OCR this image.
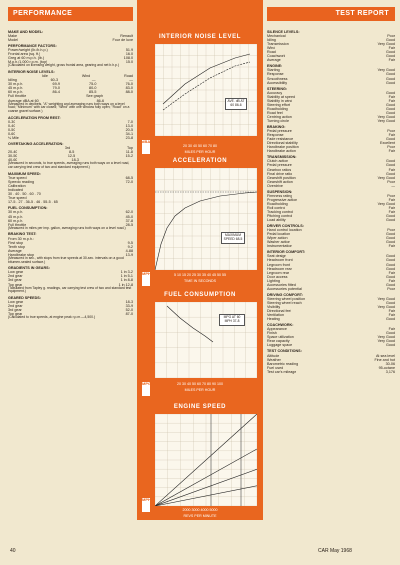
PERFORMANCE	TEST REPORT
MAKE AND MODEL:
Make	Renault
Model	Four de luxe
PERFORMANCE FACTORS:
Power/weight (lb./b.h.p.)	51.9
Frontal area (sq. ft.)	16.0
Greg at 60 m.p.h. (lb.)	108.0
M.p.h./1,000 r.p.m. (top)	15.0
(Calculated on licensing weight, gross frontal area, gearing and net b.h.p.)
INTERIOR NOISE LEVELS:
Idle	Wind	Road
Idling	60-3	—	—
30 m.p.h.	69-9	75-0	76-0
45 m.p.h.	79-0	80-0	83-0
60 m.p.h.	86-4	85-5	88-0
Full throttle	See graph
Average dBA at 60	86-6
(Measured in decibels, "A" weighting and averaging runs both ways on a level road; "Minimum" with car closed; "Wind" with one window fully open; "Road" on a coarse gravel surface.)
ACCELERATION FROM REST:
0-30	7-0
0-40	13-0
0-50	20-5
0-60	34-1
¼ Mile	23-8
OVERTAKING ACCELERATION:
3rd	Top
20-40	8-5	11-8
30-50	12-5	15-2
40-60	18-3
(Measured in seconds, to true speeds, averaging runs both ways on a level road, car carrying test crew of two and standard equipment.)
MAXIMUM SPEED:
True speed	68-5
Speedo reading	72-0
Calibration
Indicated
30 . 40 . 50 . 60 . 70
True speed
17-5 . 27 . 36-5 . 46 . 55-5 . 65
FUEL CONSUMPTION:
30 m.p.h.	62-0
45 m.p.h.	45-0
60 m.p.h.	37-8
Full throttle	28-5
(Measured in miles per imp. gallon, averaging runs both ways on a level road.)
BRAKING TEST:
From 30 m.p.h.:
First stop	9-5
Tenth stop	9-2
Average	4-88
Handbrake stop	13-9
(Measured in sec., with stops from true speeds at 30-sec. intervals on a good bitumen-sealed surface.)
GRADIENTS IN GEARS:
Low gear	1 in 3-2
2nd gear	1 in 5-1
3rd gear	1 in 8-8
Top gear	1 in 12-8
(Tabulated from Tapley g. readings, car carrying test crew of two and standard test equipment.)
GEARED SPEEDS:
Low gear	18-3
2nd gear	33-9
3rd gear	52-0
Top gear	87-0
(Calculated to true speeds, at engine peak r.p.m.—4,500.)
SILENCE LEVELS:
Mechanical	Poor
Idling	Good
Transmission	Very Good
Wind	Fair
Road	Good
Coachwork	Good
Average	Fair
ENGINE:
Starting	Very Good
Response	Good
Smoothness	Good
Accessibility	Good
STEERING:
Accuracy	Good
Stability at speed	Fair
Stability in wind	Fair
Steering effort	Good
Roadholding	Good
Road feel	Good
Centring action	Very Good
Turning circle	Very Good
BRAKING:
Pedal pressure	Poor
Response	Fair
Fade resistance	Good
Directional stability	Excellent
Handbrake position	Poor
Handbrake action	Fair
TRANSMISSION:
Clutch action	Good
Pedal pressure	Good
Gearbox ratios	Fair
Final drive ratio	Good
Gearshift position	Very Good
Gearshift action	Poor
Overdrive	—
SUSPENSION:
Firmness rating	Poor
Progressive action	Fair
Roadholding	Very Good
Roll control	Fair
Tracking control	Fair
Pitching control	Good
Load ability	Good
DRIVER CONTROLS:
Hand control location	Poor
Pedal location	Good
Wiper action	Good
Washer action	Good
Instrumentation	Fair
INTERIOR COMFORT:
Seat design	Good
Headroom front	Good
Legroom front	Good
Headroom rear	Good
Legroom rear	Fair
Door access	Good
Lighting	Fair
Accessories fitted	Good
Accessories potential	Poor
DRIVING COMFORT:
Steering wheel position	Very Good
Steering wheel reach	Good
Visibility	Very Good
Directional feel	Fair
Ventilation	Fair
Heating	Good
COACHWORK:
Appearance	Fair
Finish	Good
Space utilization	Very Good
Rear capacity	Very Good
Luggage space	Good
TEST CONDITIONS:
Altitude	At sea level
Weather	Fine and hot
Barometric reading	30-06
Fuel used	95-octane
Test car's mileage	3,176
INTERIOR NOISE LEVEL
AVE. dB AT 60 86-6
dBA
20 30 40 50 60 70 80
MILES PER HOUR
ACCELERATION
MAXIMUM SPEED 68-5
MPH	5 10 15 20 25 30 35 40 45 50 55
TIME IN SECONDS
FUEL CONSUMPTION
MPG AT 60 MPH 37-8
MPG	20 30 40 50 60 70 80 90 100
MILES PER HOUR
ENGINE SPEED
MPH
2000 3000 4000 5000
REVS PER MINUTE
40	CAR May 1968
